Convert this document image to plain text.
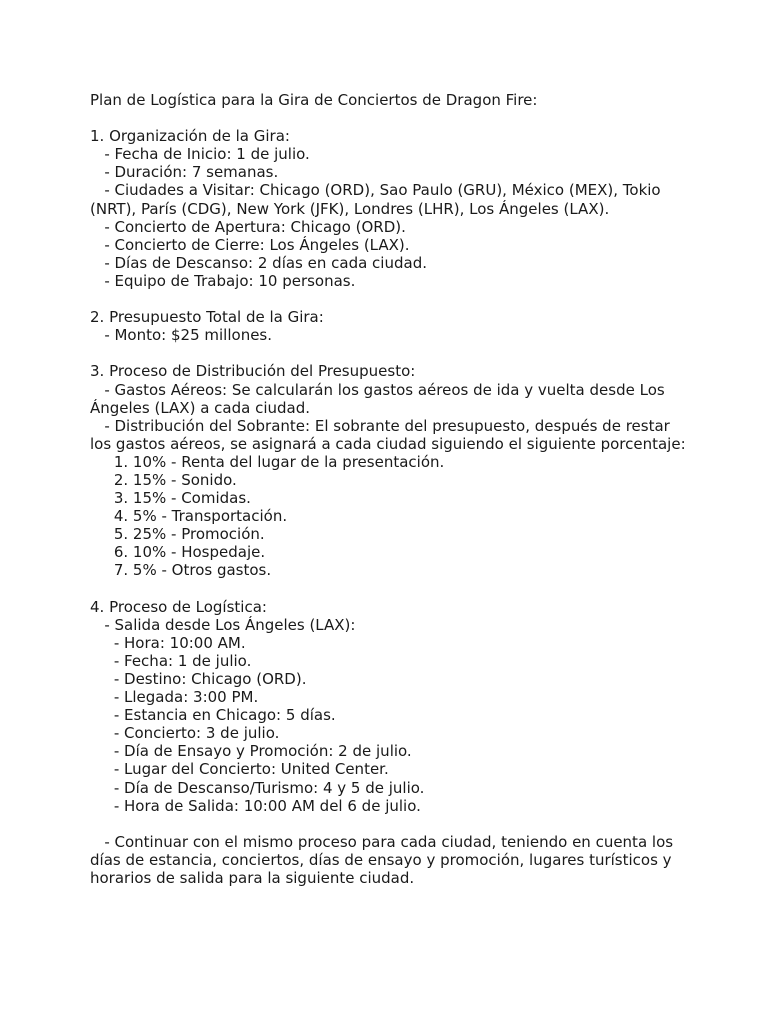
Plan de Logística para la Gira de Conciertos de Dragon Fire:

1. Organización de la Gira:

- Fecha de Inicio: 1 de julio.

- Duración: 7 semanas.

- Ciudades a Visitar: Chicago (ORD), Sao Paulo (GRU), México (MEX), Tokio (NRT), París (CDG), New York (JFK), Londres (LHR), Los Ángeles (LAX).

- Concierto de Apertura: Chicago (ORD).

- Concierto de Cierre: Los Ángeles (LAX).

- Días de Descanso: 2 días en cada ciudad.

- Equipo de Trabajo: 10 personas.

2. Presupuesto Total de la Gira:

- Monto: $25 millones.

3. Proceso de Distribución del Presupuesto:

- Gastos Aéreos: Se calcularán los gastos aéreos de ida y vuelta desde Los Ángeles (LAX) a cada ciudad.

- Distribución del Sobrante: El sobrante del presupuesto, después de restar los gastos aéreos, se asignará a cada ciudad siguiendo el siguiente porcentaje:

1. 10% - Renta del lugar de la presentación.

2. 15% - Sonido.

3. 15% - Comidas.

4. 5% - Transportación.

5. 25% - Promoción.

6. 10% - Hospedaje.

7. 5% - Otros gastos.

4. Proceso de Logística:

- Salida desde Los Ángeles (LAX):

- Hora: 10:00 AM.

- Fecha: 1 de julio.

- Destino: Chicago (ORD).

- Llegada: 3:00 PM.

- Estancia en Chicago: 5 días.

- Concierto: 3 de julio.

- Día de Ensayo y Promoción: 2 de julio.

- Lugar del Concierto: United Center.

- Día de Descanso/Turismo: 4 y 5 de julio.

- Hora de Salida: 10:00 AM del 6 de julio.

- Continuar con el mismo proceso para cada ciudad, teniendo en cuenta los días de estancia, conciertos, días de ensayo y promoción, lugares turísticos y horarios de salida para la siguiente ciudad.
